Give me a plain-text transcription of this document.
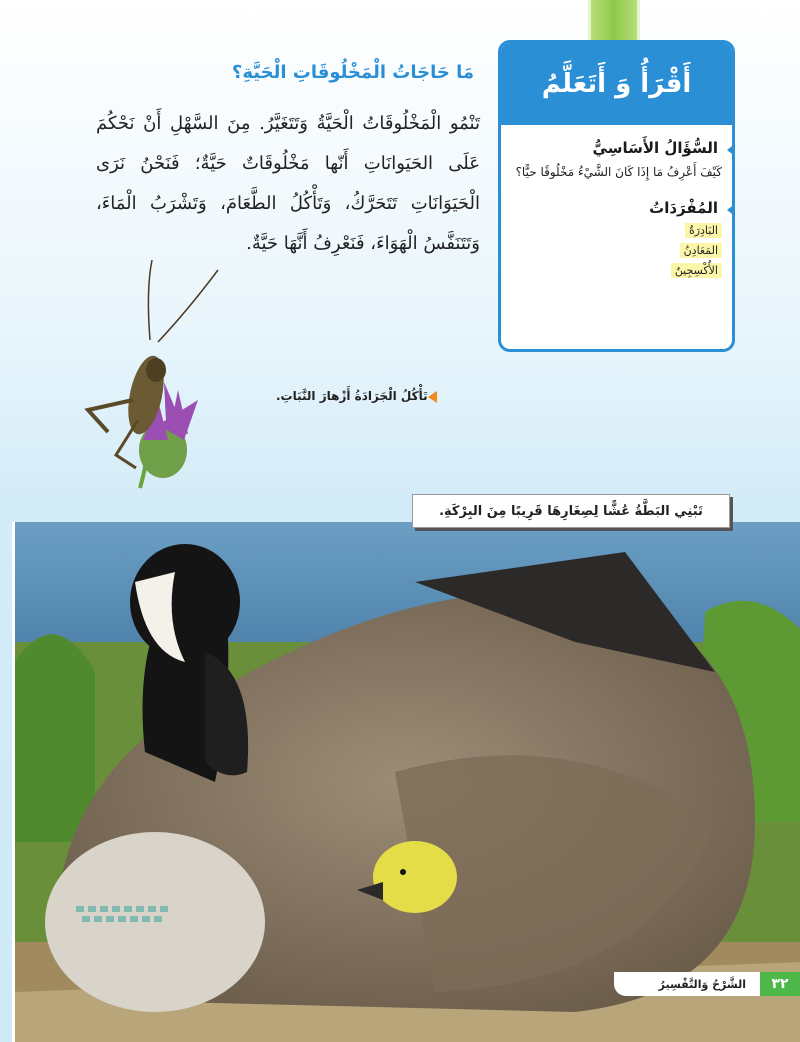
أَقْرَأُ وَ أَتَعَلَّمُ
السُّؤَالُ الأَسَاسِيُّ
كَيْفَ أَعْرِفُ مَا إِذَا كَانَ الشَّيْءُ مَخْلُوقًا حيًّا؟
المُفْرَدَاتُ
البَادِرَةُ
المَعَادِنُ
الأُكْسِجِينُ
مَا حَاجَاتُ الْمَخْلُوقَاتِ الْحَيَّةِ؟
تَنْمُو الْمَخْلُوقَاتُ الْحَيَّةُ وَتَتَغَيَّرُ. مِنَ السَّهْلِ أَنْ نَحْكُمَ عَلَى الحَيَوانَاتِ أَنّها مَخْلُوقَاتٌ حَيَّةٌ؛ فَنَحْنُ نَرَى الْحَيَوَانَاتِ تَتَحَرَّكُ، وَتَأْكُلُ الطَّعَامَ، وَتَشْرَبُ الْمَاءَ، وَتَتَنَفَّسُ الْهَوَاءَ، فَنَعْرِفُ أَنَّهَا حَيَّةٌ.
تَأْكُلُ الْجَرَادَةُ أَزْهارَ النَّبَاتِ.
تَبْنِي البَطَّةُ عُشًّا لِصِغَارِهَا قَرِيبًا مِنَ البِرْكَةِ.
٣٢
الشَّرْحُ وَالتَّفْسِيرُ
